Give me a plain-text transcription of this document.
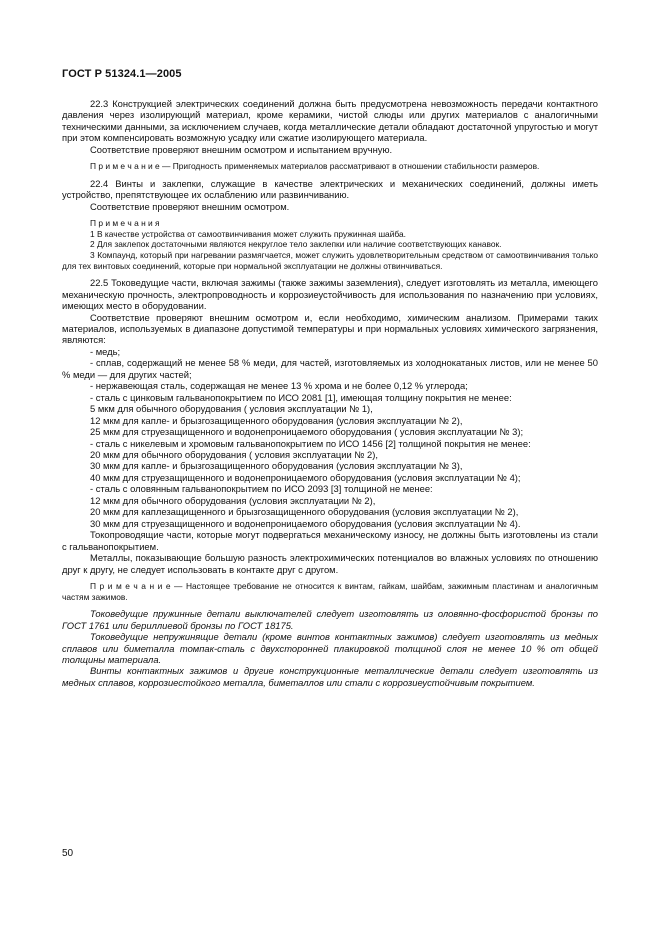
ГОСТ Р 51324.1—2005

22.3 Конструкцией электрических соединений должна быть предусмотрена невозможность передачи контактного давления через изолирующий материал, кроме керамики, чистой слюды или других материалов с аналогичными техническими данными, за исключением случаев, когда металлические детали обладают достаточной упругостью и могут при этом компенсировать возможную усадку или сжатие изолирующего материала.

Соответствие проверяют внешним осмотром и испытанием вручную.

П р и м е ч а н и е — Пригодность применяемых материалов рассматривают в отношении стабильности размеров.

22.4 Винты и заклепки, служащие в качестве электрических и механических соединений, должны иметь устройство, препятствующее их ослаблению или развинчиванию.

Соответствие проверяют внешним осмотром.

П р и м е ч а н и я

1 В качестве устройства от самоотвинчивания может служить пружинная шайба.

2 Для заклепок достаточными являются некруглое тело заклепки или наличие соответствующих канавок.

3 Компаунд, который при нагревании размягчается, может служить удовлетворительным средством от самоотвинчивания только для тех винтовых соединений, которые при нормальной эксплуатации не должны отвинчиваться.

22.5 Токоведущие части, включая зажимы (также зажимы заземления), следует изготовлять из металла, имеющего механическую прочность, электропроводность и коррозиеустойчивость для использования по назначению при условиях, имеющих место в оборудовании.

Соответствие проверяют внешним осмотром и, если необходимо, химическим анализом. Примерами таких материалов, используемых в диапазоне допустимой температуры и при нормальных условиях химического загрязнения, являются:

- медь;

- сплав, содержащий не менее 58 % меди, для частей, изготовляемых из холоднокатаных листов, или не менее 50 % меди — для других частей;

- нержавеющая сталь, содержащая не менее 13 % хрома и не более 0,12 % углерода;

- сталь с цинковым гальванопокрытием по ИСО 2081 [1], имеющая толщину покрытия не менее:

5 мкм для обычного оборудования ( условия эксплуатации № 1),

12 мкм для капле- и брызгозащищенного оборудования (условия эксплуатации № 2),

25 мкм для струезащищенного и водонепроницаемого оборудования ( условия эксплуатации № 3);

- сталь с никелевым и хромовым гальванопокрытием по ИСО 1456 [2] толщиной покрытия не менее:

20 мкм для обычного оборудования ( условия эксплуатации № 2),

30 мкм для капле- и брызгозащищенного оборудования (условия эксплуатации № 3),

40 мкм для струезащищенного и водонепроницаемого оборудования (условия эксплуатации № 4);

- сталь с оловянным гальванопокрытием по ИСО 2093 [3] толщиной не менее:

12 мкм для обычного оборудования (условия эксплуатации № 2),

20 мкм для каплезащищенного и брызгозащищенного оборудования (условия эксплуатации № 2),

30 мкм для струезащищенного и водонепроницаемого оборудования (условия эксплуатации № 4).

Токопроводящие части, которые могут подвергаться механическому износу, не должны быть изготовлены из стали с гальванопокрытием.

Металлы, показывающие большую разность электрохимических потенциалов во влажных условиях по отношению друг к другу, не следует использовать в контакте друг с другом.

П р и м е ч а н и е — Настоящее требование не относится к винтам, гайкам, шайбам, зажимным пластинам и аналогичным частям зажимов.

Токоведущие пружинные детали выключателей следует изготовлять из оловянно-фосфористой бронзы по ГОСТ 1761 или бериллиевой бронзы по ГОСТ 18175.

Токоведущие непружинящие детали (кроме винтов контактных зажимов) следует изготовлять из медных сплавов или биметалла томпак-сталь с двухсторонней плакировкой толщиной слоя не менее 10 % от общей толщины материала.

Винты контактных зажимов и другие конструкционные металлические детали следует изготовлять из медных сплавов, коррозиестойкого металла, биметаллов или стали с коррозиеустойчивым покрытием.

50
